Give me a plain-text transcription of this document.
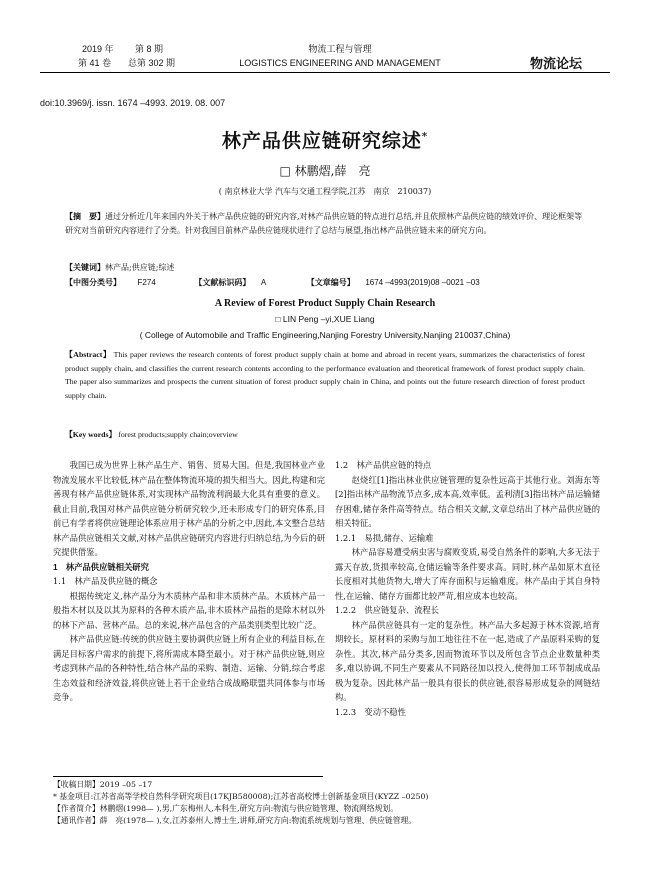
2019 年 第 8 期
第 41 卷 总第 302 期
物流工程与管理
LOGISTICS ENGINEERING AND MANAGEMENT	物流论坛
doi:10.3969/j. issn. 1674 –4993. 2019. 08. 007
林产品供应链研究综述*
□ 林鹏熠,薛　亮
( 南京林业大学 汽车与交通工程学院,江苏　南京　210037)
【摘　要】通过分析近几年来国内外关于林产品供应链的研究内容,对林产品供应链的特点进行总结,并且依照林产品供应链的绩效评价、理论框架等研究对当前研究内容进行了分类。针对我国目前林产品供应链现状进行了总结与展望,指出林产品供应链未来的研究方向。
【关键词】林产品;供应链;综述
【中图分类号】 F274	【文献标识码】 A	【文章编号】 1674 –4993(2019)08 –0021 –03
A Review of Forest Product Supply Chain Research
□ LIN Peng –yi,XUE Liang
( College of Automobile and Traffic Engineering,Nanjing Forestry University,Nanjing 210037,China)
【Abstract】 This paper reviews the research contents of forest product supply chain at home and abroad in recent years, summarizes the characteristics of forest product supply chain, and classifies the current research contents according to the performance evaluation and theoretical framework of forest product supply chain. The paper also summarizes and prospects the current situation of forest product supply chain in China, and points out the future research direction of forest product supply chain.
【Key words】 forest products;supply chain;overview

我国已成为世界上林产品生产、销售、贸易大国。但是,我国林业产业物流发展水平比较低,林产品在整体物流环境的损失相当大。因此,构建和完善现有林产品供应链体系,对实现林产品物流利润最大化具有重要的意义。截止目前,我国对林产品供应链分析研究较少,还未形成专门的研究体系,目前已有学者将供应链理论体系应用于林产品的分析之中,因此,本文整合总结林产品供应链相关文献,对林产品供应链研究内容进行归纳总结,为今后的研究提供借鉴。

1　林产品供应链相关研究

1.1　林产品及供应链的概念

根据传统定义,林产品分为木质林产品和非木质林产品。木质林产品一般指木材以及以其为原料的各种木质产品,非木质林产品指的是除木材以外的林下产品、营林产品。总的来说,林产品包含的产品类别类型比较广泛。

林产品供应链:传统的供应链主要协调供应链上所有企业的利益目标,在满足目标客户需求的前提下,将所需成本降至最小。对于林产品供应链,则应考虑到林产品的各种特性,结合林产品的采购、制造、运输、分销,综合考虑生态效益和经济效益,将供应链上若干企业结合成战略联盟共同体参与市场竞争。

1.2　林产品供应链的特点

赵烧红[1]指出林业供应链管理的复杂性远高于其他行业。刘海东等[2]指出林产品物流节点多,成本高,效率低。孟利清[3]指出林产品运输储存困难,储存条件高等特点。结合相关文献,文章总结出了林产品供应链的相关特征。

1.2.1　易损,储存、运输难

林产品容易遭受病虫害与腐败变质,易受自然条件的影响,大多无法于露天存放,货损率较高,仓储运输等条件要求高。同时,林产品如原木直径长度相对其他货物大,增大了库存面积与运输难度。林产品由于其自身特性,在运输、储存方面都比较严苛,相应成本也较高。

1.2.2　供应链复杂、流程长

林产品供应链具有一定的复杂性。林产品大多起源于林木资源,培育期较长。原材料的采购与加工地往往不在一起,造成了产品原料采购的复杂性。其次,林产品分类多,因而物流环节以及所包含节点企业数量种类多,难以协调,不同生产要素从不同路径加以投入,使得加工环节制成成品极为复杂。因此林产品一般具有很长的供应链,很容易形成复杂的网链结构。

1.2.3　变动不稳性

【收稿日期】2019 –05 –17
* 基金项目:江苏省高等学校自然科学研究项目(17KJB580008);江苏省高校博士创新基金项目(KYZZ –0250)
【作者简介】林鹏熠(1998— ),男,广东梅州人,本科生,研究方向:物流与供应链管理、物流网络规划。
【通讯作者】薛　亮(1978— ),女,江苏泰州人,博士生,讲师,研究方向:物流系统规划与管理、供应链管理。
